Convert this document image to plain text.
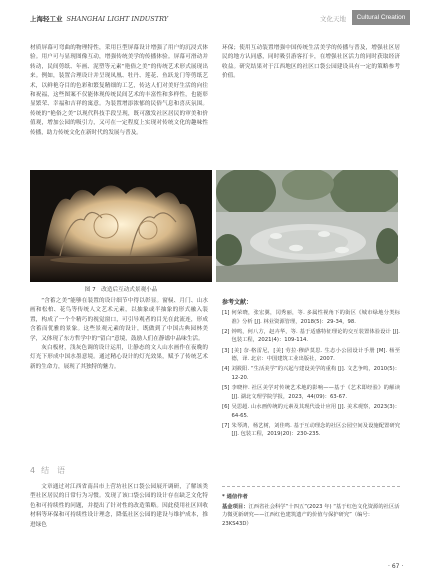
上海轻工业 SHANGHAI LIGHT INDUSTRY	文化天地	Cultural Creation

材质屏幕可弯曲的物理特性，采用巨型屏幕设计增强了用户的沉浸式体验。用户可与显现图像互动，增强传统美学的传播体验。屏幕可滑动并转动，民间剪纸、年画、泥塑等元素“艳俗之美”的传统艺术形式展现出来。例如，装置合理设计并呈现凤凰、牡丹、莲花、鱼跃龙门等剪纸艺术，以鲜艳夺目的色彩和繁复精细的工艺，传达人们对美好生活的向往和祝福，这些图案不仅能体现传统民间艺术的丰富性和多样性，也能彰显繁荣、幸福和吉祥的寓意。为装置增添浓郁的民俗气息和喜庆氛围。传统的“艳俗之美”以现代科技手段呈现，既可激发社区居民的审美和价值观，增加公园的吸引力，又可在一定程度上实现对传统文化的趣味性传播，助力传统文化在新时代的发展与普及。

环保；使用互动装置增强中国传统生活美学的传播与普及，增强社区居民的地方认同感，同时吸引游客打卡，在增强社区活力的同时获取经济收益。研究结果对于江西地区的社区口袋公园建设具有一定的策略参考价值。

图 7　改造后互动式景观小品

“含蓄之美”能够在装置的设计细节中得以彰显。窗棂、月门、山水画和松柏、花鸟等传统人文艺术元素，以抽象或半抽象的形式融入装置，构成了一个个精巧的视觉窗口，可引导观者的目光在此流连，形成含蓄而优雅的景象。这些景观元素的设计，既做到了中国古典园林美学，又体现了东方哲学中的“留白”意境，鼓励人们在静谧中品味生活。

灰白板材，浅灰色调的设计运用，让静态的文人山水画作在夜晚的灯光下形成中国水墨意境。通过精心设计的灯光效果，赋予了传统艺术新的生命力，展现了其独特的魅力。

4 结　语

文章通过对江西省南昌市上营坊社区口袋公园展开调研，了解该类型社区居民的日常行为习惯。发现了该口袋公园的设计存在缺乏文化特色和可持续性的问题，并提出了针对性的改造策略。因此使用社区回收材料等环保和可持续性设计理念，降低社区公园的建设与维护成本，推进绿色

参考文献：
[1] 何荣晓，张宏翼，闰秀丽，等. 多属性视角下的街区《城市绿地分类标准》分析 [J]. 林业资源管理，2018(5)：29-34，98.
[2] 钟鸣，何八方，赵卉华，等. 基于适感特征理论的交互装置体验设计 [J]. 包装工程，2021(4)：109-114.
[3] [美] 奈·格雷尼，[美] 劳拉·穆萨莫思. 生态小公园设计手册 [M]. 杨至德，译. 北京：中国建筑工业出版社，2007.
[4] 刘筱阳. “生活美学”的兴起与建设美学的重构 [J]. 文艺争鸣，2010(5)：12-20.
[5] 李晓梓. 社区美学对传统艺术地的影响——基于《艺术即经验》的解读 [J]. 湖北文理学院学报，2023，44(09)：63-67.
[6] 吴思超. 山水画传统的元素及其现代设计应用 [J]. 美术观察，2023(3)：64-65.
[7] 朱琴鸿，杨艺树，刘佳鸣. 基于互动理念的社区公园空间及设施配置研究 [J]. 包装工程，2019(20)：230-235.
* 通信作者
基金项目：江西省社会科学“十四五”(2023 年) “基于红色文化资源的社区活力微更新研究——江西红色建筑遗产的价值与保护研究”（编号：23KS43D）
· 67 ·
